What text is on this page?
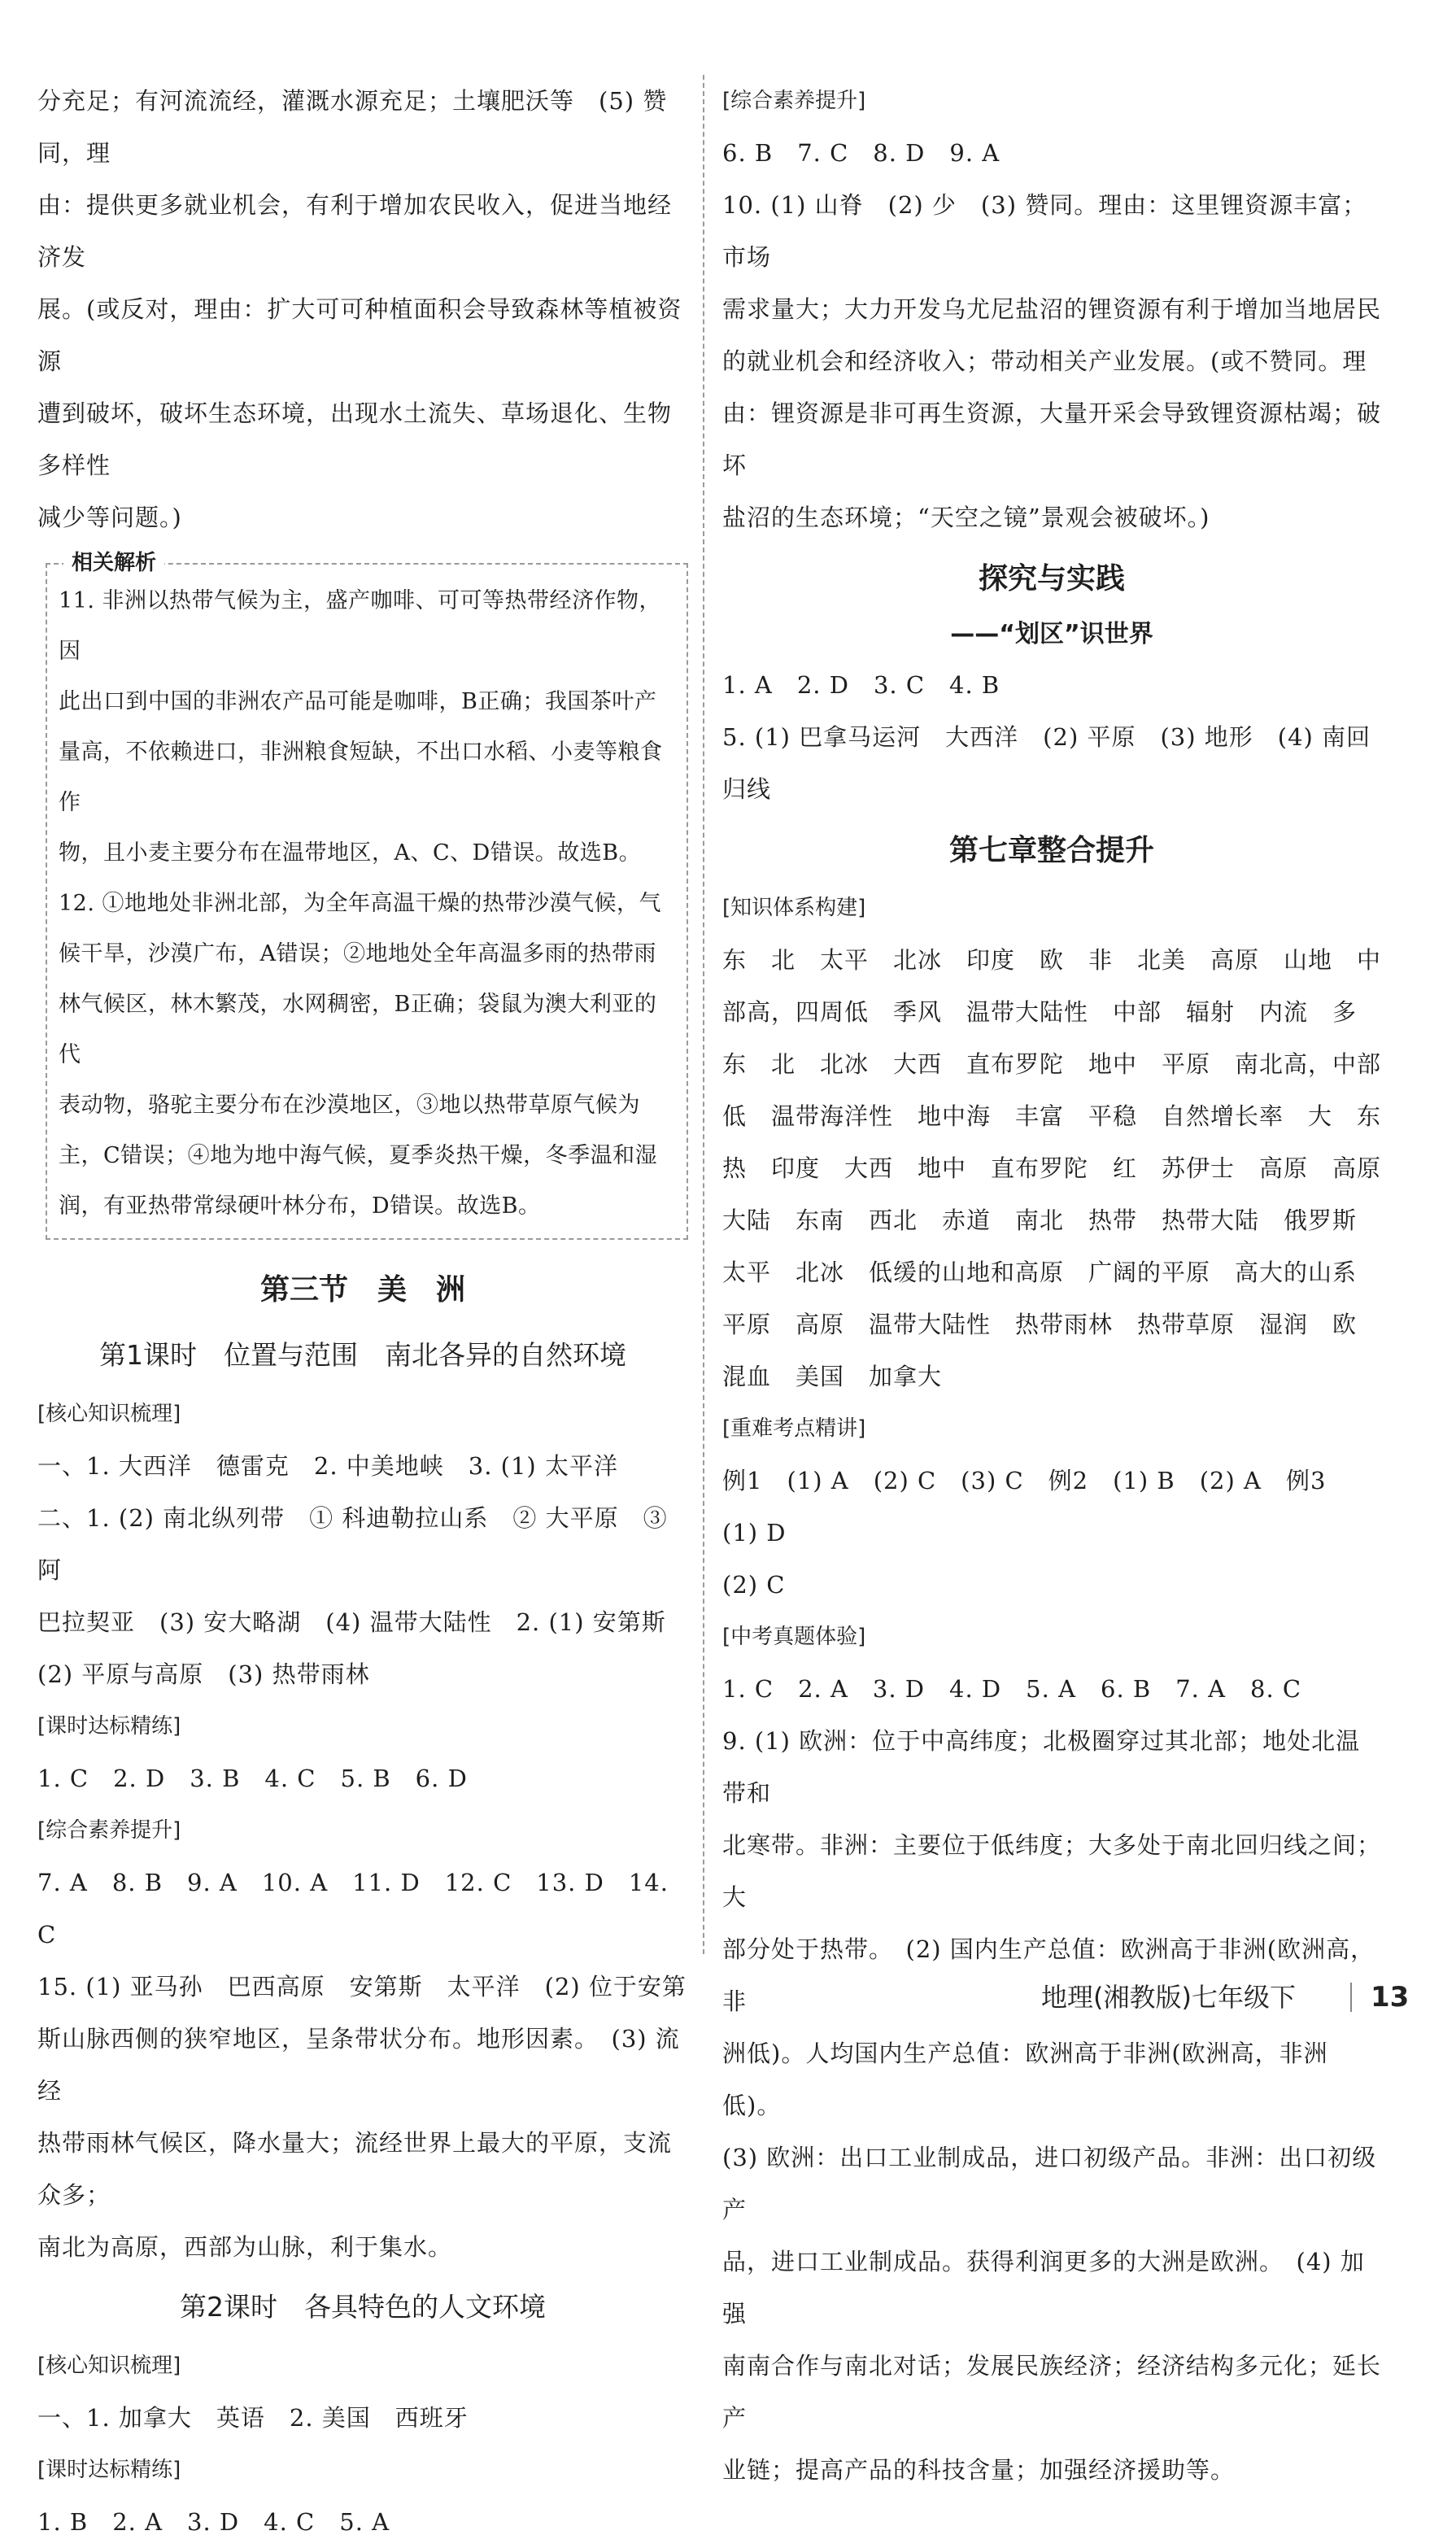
分充足；有河流流经，灌溉水源充足；土壤肥沃等　(5) 赞同，理

由：提供更多就业机会，有利于增加农民收入，促进当地经济发

展。(或反对，理由：扩大可可种植面积会导致森林等植被资源

遭到破坏，破坏生态环境，出现水土流失、草场退化、生物多样性

减少等问题。)

相关解析

11. 非洲以热带气候为主，盛产咖啡、可可等热带经济作物，因

此出口到中国的非洲农产品可能是咖啡，B正确；我国茶叶产

量高，不依赖进口，非洲粮食短缺，不出口水稻、小麦等粮食作

物，且小麦主要分布在温带地区，A、C、D错误。故选B。

12. ①地地处非洲北部，为全年高温干燥的热带沙漠气候，气

候干旱，沙漠广布，A错误；②地地处全年高温多雨的热带雨

林气候区，林木繁茂，水网稠密，B正确；袋鼠为澳大利亚的代

表动物，骆驼主要分布在沙漠地区，③地以热带草原气候为

主，C错误；④地为地中海气候，夏季炎热干燥，冬季温和湿

润，有亚热带常绿硬叶林分布，D错误。故选B。

第三节　美　洲
第1课时　位置与范围　南北各异的自然环境

[核心知识梳理]

一、1. 大西洋　德雷克　2. 中美地峡　3. (1) 太平洋

二、1. (2) 南北纵列带　① 科迪勒拉山系　② 大平原　③ 阿

巴拉契亚　(3) 安大略湖　(4) 温带大陆性　2. (1) 安第斯

(2) 平原与高原　(3) 热带雨林

[课时达标精练]

1. C　2. D　3. B　4. C　5. B　6. D

[综合素养提升]

7. A　8. B　9. A　10. A　11. D　12. C　13. D　14. C

15. (1) 亚马孙　巴西高原　安第斯　太平洋　(2) 位于安第

斯山脉西侧的狭窄地区，呈条带状分布。地形因素。　(3) 流经

热带雨林气候区，降水量大；流经世界上最大的平原，支流众多；

南北为高原，西部为山脉，利于集水。

第2课时　各具特色的人文环境

[核心知识梳理]

一、1. 加拿大　英语　2. 美国　西班牙

[课时达标精练]

1. B　2. A　3. D　4. C　5. A

[综合素养提升]

6. B　7. C　8. D　9. A

10. (1) 山脊　(2) 少　(3) 赞同。理由：这里锂资源丰富；市场

需求量大；大力开发乌尤尼盐沼的锂资源有利于增加当地居民

的就业机会和经济收入；带动相关产业发展。(或不赞同。理

由：锂资源是非可再生资源，大量开采会导致锂资源枯竭；破坏

盐沼的生态环境；“天空之镜”景观会被破坏。)

探究与实践
——“划区”识世界

1. A　2. D　3. C　4. B

5. (1) 巴拿马运河　大西洋　(2) 平原　(3) 地形　(4) 南回

归线

第七章整合提升

[知识体系构建]

东　北　太平　北冰　印度　欧　非　北美　高原　山地　中

部高，四周低　季风　温带大陆性　中部　辐射　内流　多

东　北　北冰　大西　直布罗陀　地中　平原　南北高，中部

低　温带海洋性　地中海　丰富　平稳　自然增长率　大　东

热　印度　大西　地中　直布罗陀　红　苏伊士　高原　高原

大陆　东南　西北　赤道　南北　热带　热带大陆　俄罗斯

太平　北冰　低缓的山地和高原　广阔的平原　高大的山系

平原　高原　温带大陆性　热带雨林　热带草原　湿润　欧

混血　美国　加拿大

[重难考点精讲]

例1　(1) A　(2) C　(3) C　例2　(1) B　(2) A　例3　(1) D

(2) C

[中考真题体验]

1. C　2. A　3. D　4. D　5. A　6. B　7. A　8. C

9. (1) 欧洲：位于中高纬度；北极圈穿过其北部；地处北温带和

北寒带。非洲：主要位于低纬度；大多处于南北回归线之间；大

部分处于热带。　(2) 国内生产总值：欧洲高于非洲(欧洲高，非

洲低)。人均国内生产总值：欧洲高于非洲(欧洲高，非洲低)。

(3) 欧洲：出口工业制成品，进口初级产品。非洲：出口初级产

品，进口工业制成品。获得利润更多的大洲是欧洲。　(4) 加强

南南合作与南北对话；发展民族经济；经济结构多元化；延长产

业链；提高产品的科技含量；加强经济援助等。

地理(湘教版)七年级下	13
